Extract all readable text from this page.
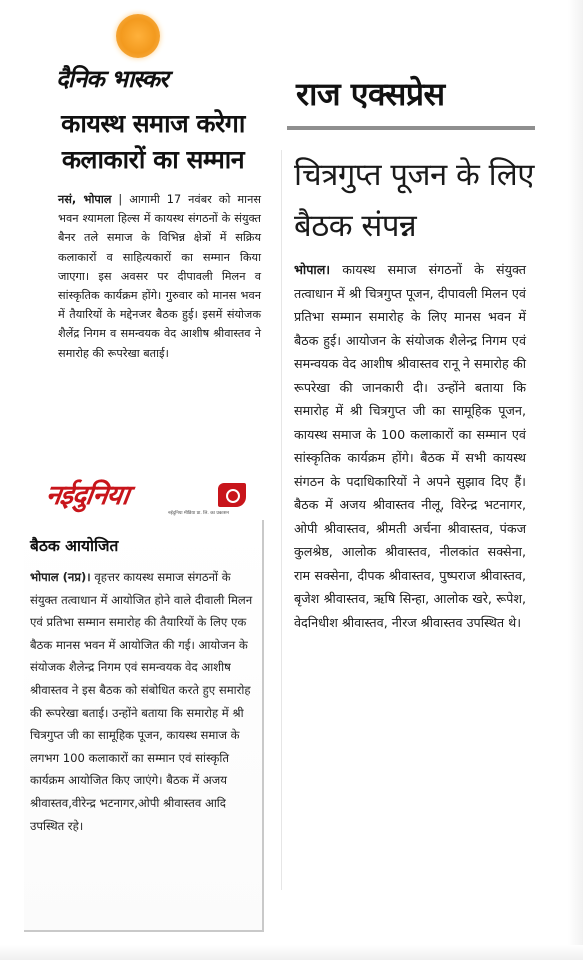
दैनिक भास्कर
कायस्थ समाज करेगा
कलाकारों का सम्मान
नसं, भोपाल | आगामी 17 नवंबर को मानस भवन श्यामला हिल्स में कायस्थ संगठनों के संयुक्त बैनर तले समाज के विभिन्न क्षेत्रों में सक्रिय कलाकारों व साहित्यकारों का सम्मान किया जाएगा। इस अवसर पर दीपावली मिलन व सांस्कृतिक कार्यक्रम होंगे। गुरुवार को मानस भवन में तैयारियों के मद्देनजर बैठक हुई। इसमें संयोजक शैलेंद्र निगम व समन्वयक वेद आशीष श्रीवास्तव ने समारोह की रूपरेखा बताई।
नईदुनिया
नईदुनिया मीडिया प्रा. लि. का प्रकाशन
बैठक आयोजित
भोपाल (नप्र)। वृहत्तर कायस्थ समाज संगठनों के संयुक्त तत्वाधान में आयोजित होने वाले दीवाली मिलन एवं प्रतिभा सम्मान समारोह की तैयारियों के लिए एक बैठक मानस भवन में आयोजित की गई। आयोजन के संयोजक शैलेन्द्र निगम एवं समन्वयक वेद आशीष श्रीवास्तव ने इस बैठक को संबोधित करते हुए समारोह की रूपरेखा बताई। उन्होंने बताया कि समारोह में श्री चित्रगुप्त जी का सामूहिक पूजन, कायस्थ समाज के लगभग 100 कलाकारों का सम्मान एवं सांस्कृति कार्यक्रम आयोजित किए जाएंगे। बैठक में अजय श्रीवास्तव,वीरेन्द्र भटनागर,ओपी श्रीवास्तव आदि उपस्थित रहे।
राज एक्सप्रेस
चित्रगुप्त पूजन के लिए बैठक संपन्न
भोपाल। कायस्थ समाज संगठनों के संयुक्त तत्वाधान में श्री चित्रगुप्त पूजन, दीपावली मिलन एवं प्रतिभा सम्मान समारोह के लिए मानस भवन में बैठक हुई। आयोजन के संयोजक शैलेन्द्र निगम एवं समन्वयक वेद आशीष श्रीवास्तव रानू ने समारोह की रूपरेखा की जानकारी दी। उन्होंने बताया कि समारोह में श्री चित्रगुप्त जी का सामूहिक पूजन, कायस्थ समाज के 100 कलाकारों का सम्मान एवं सांस्कृतिक कार्यक्रम होंगे। बैठक में सभी कायस्थ संगठन के पदाधिकारियों ने अपने सुझाव दिए हैं। बैठक में अजय श्रीवास्तव नीलू, विरेन्द्र भटनागर, ओपी श्रीवास्तव, श्रीमती अर्चना श्रीवास्तव, पंकज कुलश्रेष्ठ, आलोक श्रीवास्तव, नीलकांत सक्सेना, राम सक्सेना, दीपक श्रीवास्तव, पुष्पराज श्रीवास्तव, बृजेश श्रीवास्तव, ऋषि सिन्हा, आलोक खरे, रूपेश, वेदनिधीश श्रीवास्तव, नीरज श्रीवास्तव उपस्थित थे।
